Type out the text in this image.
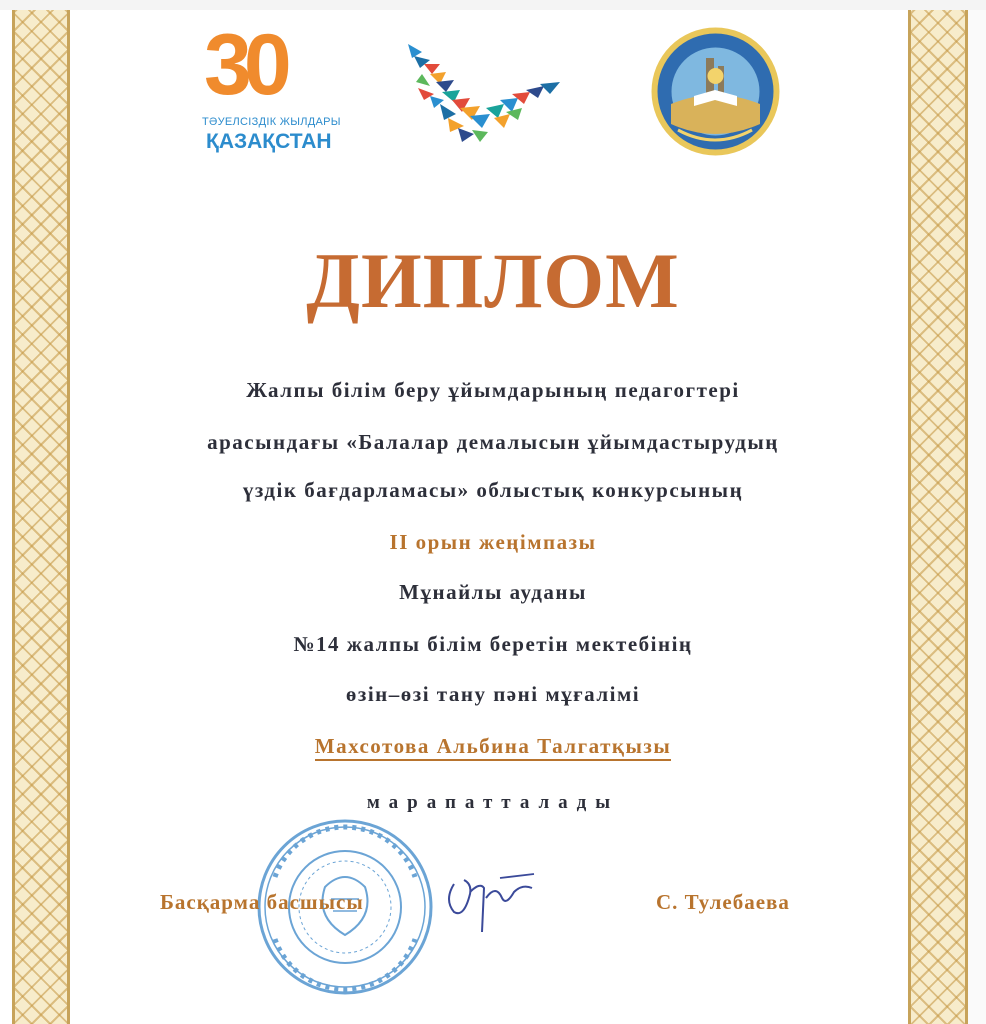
30
ТӘУЕЛСІЗДІК ЖЫЛДАРЫ
ҚАЗАҚСТАН
ДИПЛОМ
Жалпы білім беру ұйымдарының педагогтері
арасындағы «Балалар демалысын ұйымдастырудың
үздік бағдарламасы» облыстық конкурсының
II орын жеңімпазы
Мұнайлы ауданы
№14 жалпы білім беретін мектебінің
өзін–өзі тану пәні мұғалімі
Махсотова Альбина Талгатқызы
марапатталады
Басқарма басшысы	С. Тулебаева
